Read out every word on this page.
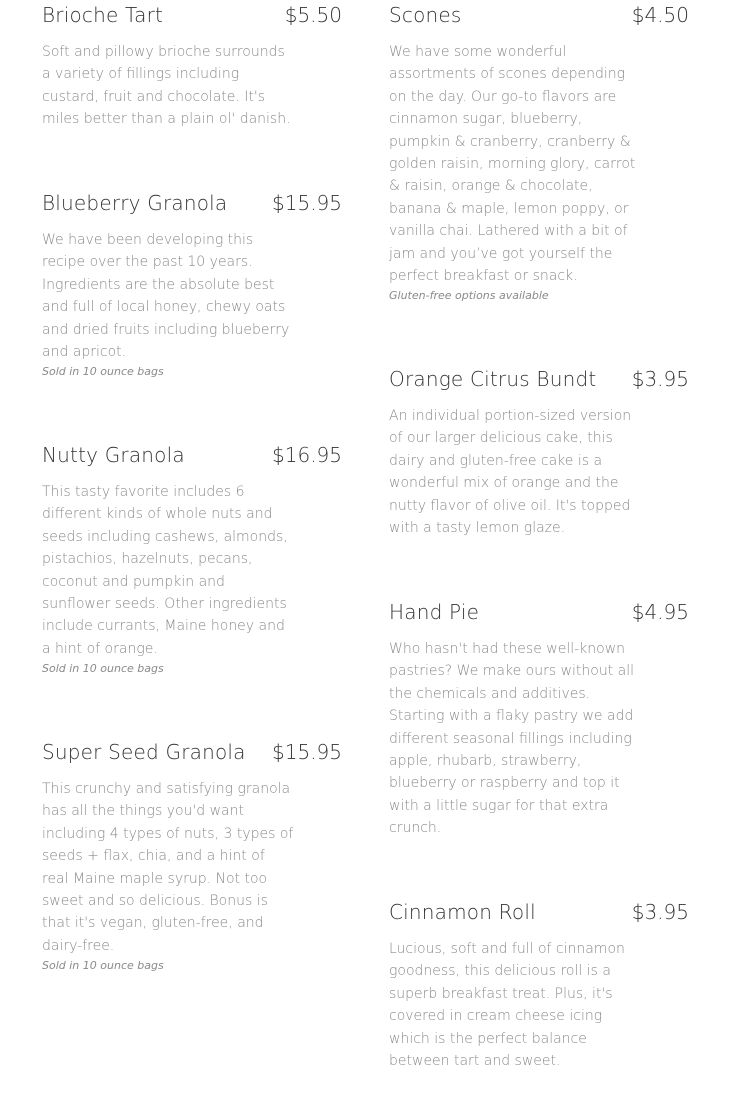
Brioche Tart	$5.50
Soft and pillowy brioche surrounds a variety of fillings including custard, fruit and chocolate. It's miles better than a plain ol' danish.
Blueberry Granola $15.95
We have been developing this recipe over the past 10 years. Ingredients are the absolute best and full of local honey, chewy oats and dried fruits including blueberry and apricot.
Sold in 10 ounce bags
Nutty Granola	$16.95
This tasty favorite includes 6 different kinds of whole nuts and seeds including cashews, almonds, pistachios, hazelnuts, pecans, coconut and pumpkin and sunflower seeds. Other ingredients include currants, Maine honey and a hint of orange.
Sold in 10 ounce bags
Super Seed Granola $15.95
This crunchy and satisfying granola has all the things you'd want including 4 types of nuts, 3 types of seeds + flax, chia, and a hint of real Maine maple syrup. Not too sweet and so delicious. Bonus is that it's vegan, gluten-free, and dairy-free.
Sold in 10 ounce bags
Scones	$4.50
We have some wonderful assortments of scones depending on the day. Our go-to flavors are cinnamon sugar, blueberry, pumpkin & cranberry, cranberry & golden raisin, morning glory, carrot & raisin, orange & chocolate, banana & maple, lemon poppy, or vanilla chai. Lathered with a bit of jam and you’ve got yourself the perfect breakfast or snack.
Gluten-free options available
Orange Citrus Bundt $3.95
An individual portion-sized version of our larger delicious cake, this dairy and gluten-free cake is a wonderful mix of orange and the nutty flavor of olive oil. It's topped with a tasty lemon glaze.
Hand Pie	$4.95
Who hasn't had these well-known pastries? We make ours without all the chemicals and additives. Starting with a flaky pastry we add different seasonal fillings including apple, rhubarb, strawberry, blueberry or raspberry and top it with a little sugar for that extra crunch.
Cinnamon Roll	$3.95
Lucious, soft and full of cinnamon goodness, this delicious roll is a superb breakfast treat. Plus, it's covered in cream cheese icing which is the perfect balance between tart and sweet.
